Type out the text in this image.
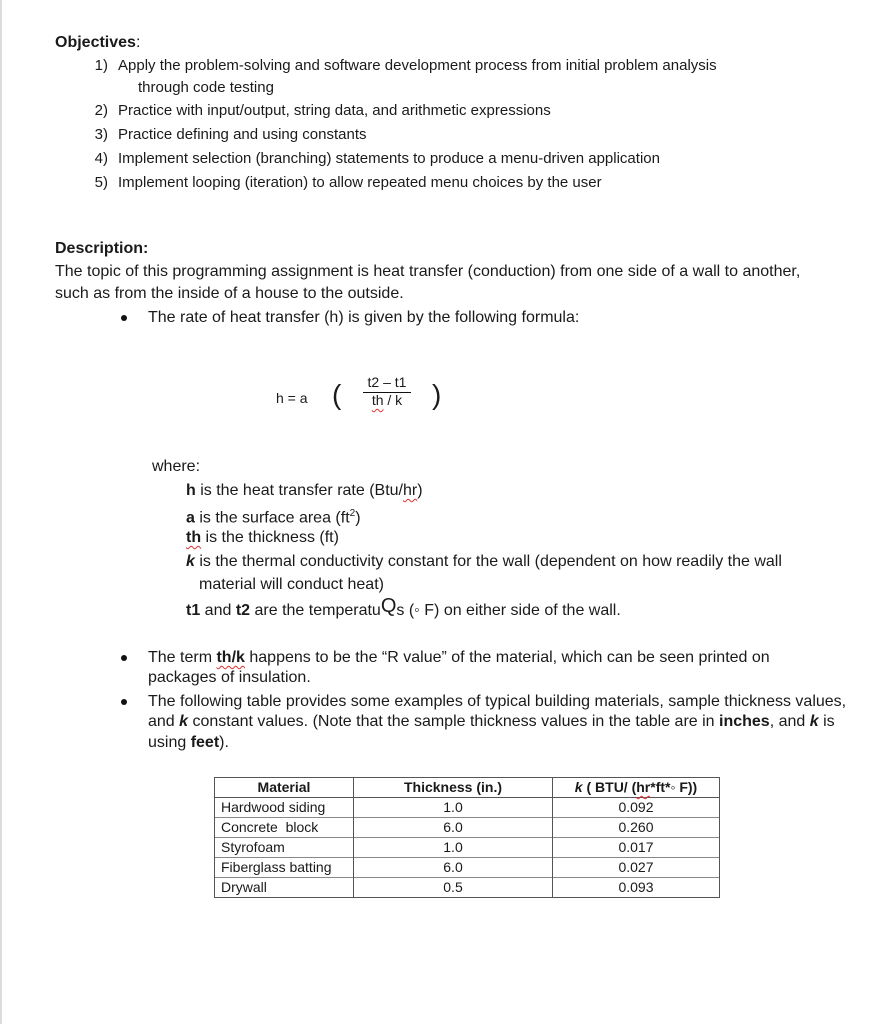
Objectives:
1) Apply the problem-solving and software development process from initial problem analysis
through code testing
2) Practice with input/output, string data, and arithmetic expressions
3) Practice defining and using constants
4) Implement selection (branching) statements to produce a menu-driven application
5) Implement looping (iteration) to allow repeated menu choices by the user
Description:
The topic of this programming assignment is heat transfer (conduction) from one side of a wall to another,
such as from the inside of a house to the outside.
The rate of heat transfer (h) is given by the following formula:
h = a ( t2 – t1
th / k )
where:
h is the heat transfer rate (Btu/hr)
a is the surface area $(ft^2)$
th is the thickness (ft)
k is the thermal conductivity constant for the wall (dependent on how readily the wall
material will conduct heat)
t1 and t2 are the temperatuQs (◦ F) on either side of the wall.
The term th/k happens to be the “R value” of the material, which can be seen printed on
packages of insulation.
The following table provides some examples of typical building materials, sample thickness values,
and k constant values. (Note that the sample thickness values in the table are in inches, and k is
using feet).
Material	Thickness (in.)	k ( BTU/ (hr*ft*◦ F))
Hardwood siding	1.0	0.092
Concrete  block	6.0	0.260
Styrofoam	1.0	0.017
Fiberglass batting	6.0	0.027
Drywall	0.5	0.093
